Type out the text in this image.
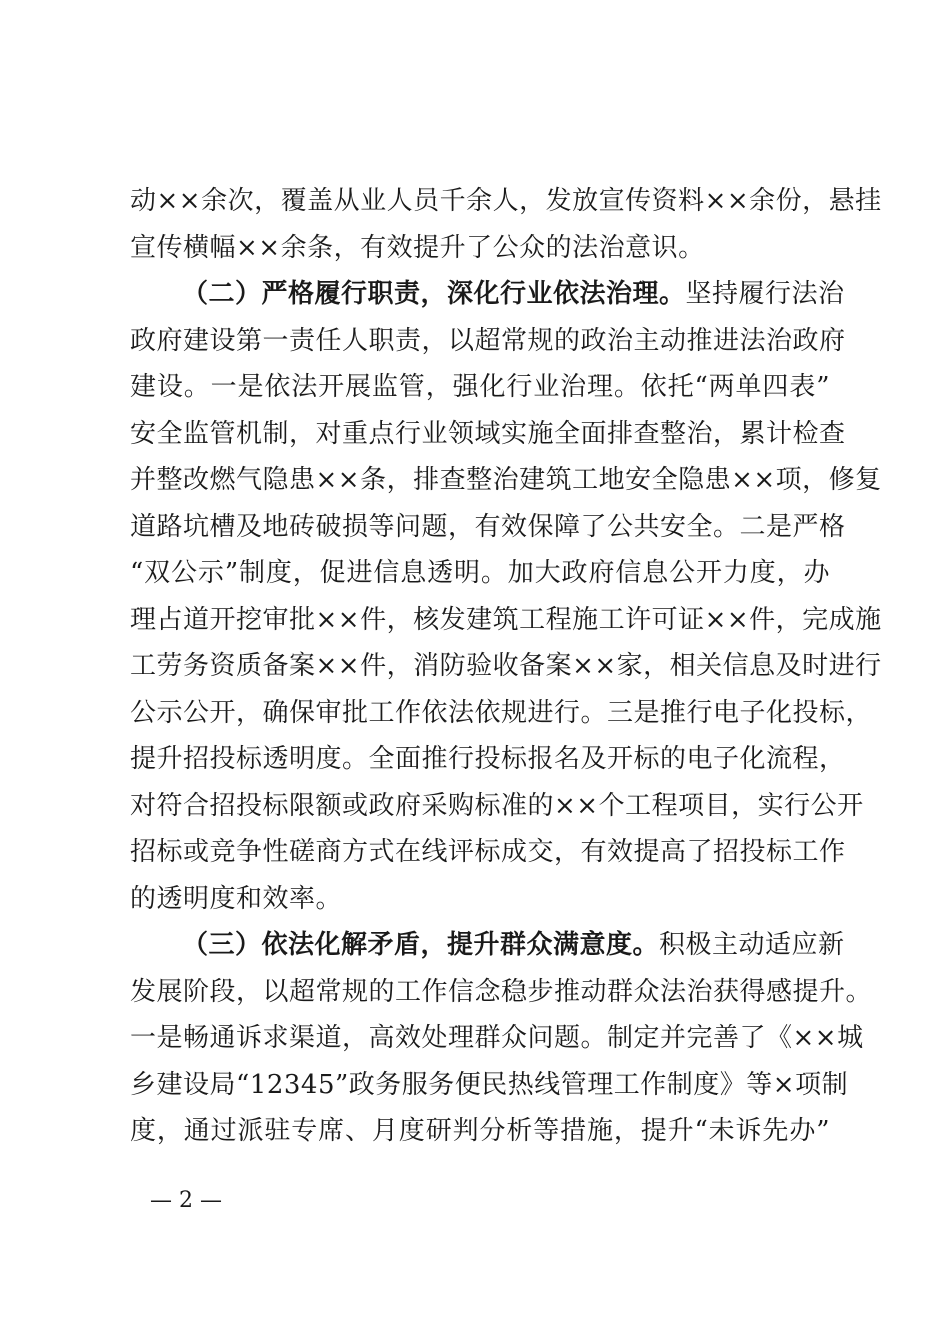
动××余次，覆盖从业人员千余人，发放宣传资料××余份，悬挂
宣传横幅××余条，有效提升了公众的法治意识。
（二）严格履行职责，深化行业依法治理。坚持履行法治
政府建设第一责任人职责，以超常规的政治主动推进法治政府
建设。一是依法开展监管，强化行业治理。依托“两单四表”
安全监管机制，对重点行业领域实施全面排查整治，累计检查
并整改燃气隐患××条，排查整治建筑工地安全隐患××项，修复
道路坑槽及地砖破损等问题，有效保障了公共安全。二是严格
“双公示”制度，促进信息透明。加大政府信息公开力度，办
理占道开挖审批××件，核发建筑工程施工许可证××件，完成施
工劳务资质备案××件，消防验收备案××家，相关信息及时进行
公示公开，确保审批工作依法依规进行。三是推行电子化投标，
提升招投标透明度。全面推行投标报名及开标的电子化流程，
对符合招投标限额或政府采购标准的××个工程项目，实行公开
招标或竞争性磋商方式在线评标成交，有效提高了招投标工作
的透明度和效率。
（三）依法化解矛盾，提升群众满意度。积极主动适应新
发展阶段，以超常规的工作信念稳步推动群众法治获得感提升。
一是畅通诉求渠道，高效处理群众问题。制定并完善了《××城
乡建设局“12345”政务服务便民热线管理工作制度》等×项制
度，通过派驻专席、月度研判分析等措施，提升“未诉先办”
— 2 —
